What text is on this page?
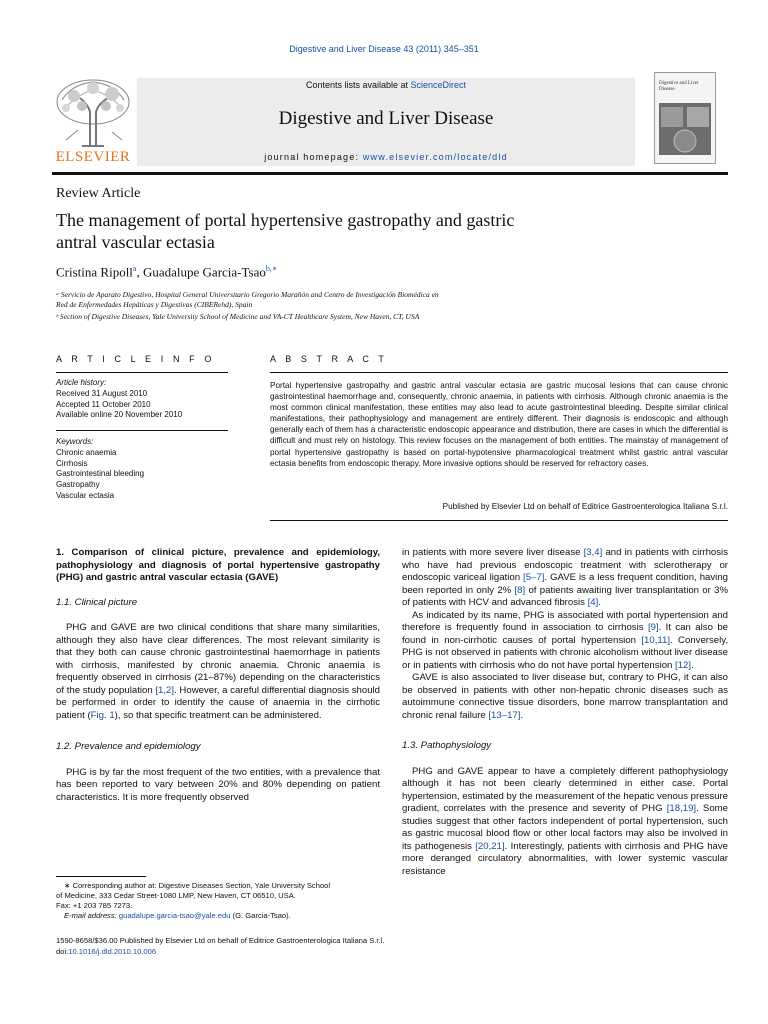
Digestive and Liver Disease 43 (2011) 345–351
ELSEVIER
Contents lists available at ScienceDirect
Digestive and Liver Disease
journal homepage: www.elsevier.com/locate/dld
Digestive and Liver Disease
Review Article
The management of portal hypertensive gastropathy and gastric
antral vascular ectasia
Cristina Ripoll$^a$, Guadalupe Garcia-Tsao$^{b,∗}$
ᵃ Servicio de Aparato Digestivo, Hospital General Universitario Gregorio Marañón and Centro de Investigación Biomédica en
Red de Enfermedades Hepáticas y Digestivas (CIBERehd), Spain
ᵇ Section of Digestive Diseases, Yale University School of Medicine and VA-CT Healthcare System, New Haven, CT, USA
A R T I C L E I N F O
Article history:
Received 31 August 2010
Accepted 11 October 2010
Available online 20 November 2010
Keywords:
Chronic anaemia
Cirrhosis
Gastrointestinal bleeding
Gastropathy
Vascular ectasia
A B S T R A C T
Portal hypertensive gastropathy and gastric antral vascular ectasia are gastric mucosal lesions that can cause chronic gastrointestinal haemorrhage and, consequently, chronic anaemia, in patients with cirrhosis. Although chronic anaemia is the most common clinical manifestation, these entities may also lead to acute gastrointestinal bleeding. Despite similar clinical manifestations, their pathophysiology and management are entirely different. Their diagnosis is endoscopic and although generally each of them has a characteristic endoscopic appearance and distribution, there are cases in which the differential is difficult and must rely on histology. This review focuses on the management of both entities. The mainstay of management of portal hypertensive gastropathy is based on portal-hypotensive pharmacological treatment whilst gastric antral vascular ectasia benefits from endoscopic therapy. More invasive options should be reserved for refractory cases.
Published by Elsevier Ltd on behalf of Editrice Gastroenterologica Italiana S.r.l.
1. Comparison of clinical picture, prevalence and epidemiology, pathophysiology and diagnosis of portal hypertensive gastropathy (PHG) and gastric antral vascular ectasia (GAVE)
1.1. Clinical picture

PHG and GAVE are two clinical conditions that share many similarities, although they also have clear differences. The most relevant similarity is that they both can cause chronic gastrointestinal haemorrhage in patients with cirrhosis, manifested by chronic anaemia. Chronic anaemia is frequently observed in cirrhosis (21–87%) depending on the characteristics of the study population [1,2]. However, a careful differential diagnosis should be performed in order to identify the cause of anaemia in the cirrhotic patient (Fig. 1), so that specific treatment can be administered.

1.2. Prevalence and epidemiology

PHG is by far the most frequent of the two entities, with a prevalence that has been reported to vary between 20% and 80% depending on patient characteristics. It is more frequently observed

∗ Corresponding author at: Digestive Diseases Section, Yale University School
of Medicine, 333 Cedar Street-1080 LMP, New Haven, CT 06510, USA.
Fax: +1 203 785 7273.
E-mail address: guadalupe.garcia-tsao@yale.edu (G. Garcia-Tsao).

in patients with more severe liver disease [3,4] and in patients with cirrhosis who have had previous endoscopic treatment with sclerotherapy or endoscopic variceal ligation [5–7]. GAVE is a less frequent condition, having been reported in only 2% [8] of patients awaiting liver transplantation or 3% of patients with HCV and advanced fibrosis [4].

As indicated by its name, PHG is associated with portal hypertension and therefore is frequently found in association to cirrhosis [9]. It can also be found in non-cirrhotic causes of portal hypertension [10,11]. Conversely, PHG is not observed in patients with chronic alcoholism without liver disease or in patients with cirrhosis who do not have portal hypertension [12].

GAVE is also associated to liver disease but, contrary to PHG, it can also be observed in patients with other non-hepatic chronic diseases such as autoimmune connective tissue disorders, bone marrow transplantation and chronic renal failure [13–17].

1.3. Pathophysiology

PHG and GAVE appear to have a completely different pathophysiology although it has not been clearly determined in either case. Portal hypertension, estimated by the measurement of the hepatic venous pressure gradient, correlates with the presence and severity of PHG [18,19]. Some studies suggest that other factors independent of portal hypertension, such as gastric mucosal blood flow or other local factors may also be involved in its pathogenesis [20,21]. Interestingly, patients with cirrhosis and PHG have more deranged circulatory abnormalities, with lower systemic vascular resistance

1590-8658/$36.00 Published by Elsevier Ltd on behalf of Editrice Gastroenterologica Italiana S.r.l.
doi:10.1016/j.dld.2010.10.006
